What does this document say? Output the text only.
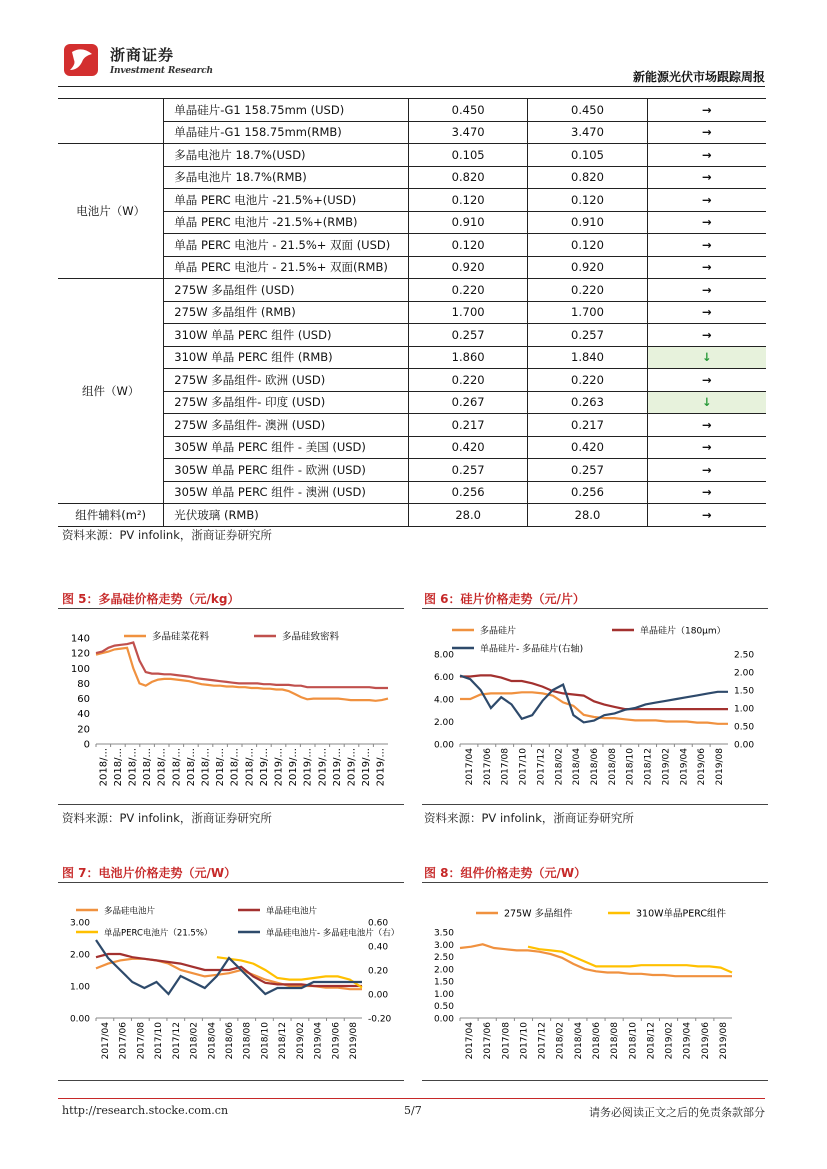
浙商证券
Investment Research	新能源光伏市场跟踪周报
	单晶硅片-G1 158.75mm (USD)	0.450	0.450	→
	单晶硅片-G1 158.75mm(RMB)	3.470	3.470	→
电池片（W）	多晶电池片 18.7%(USD)	0.105	0.105	→
	多晶电池片 18.7%(RMB)	0.820	0.820	→
	单晶 PERC 电池片 -21.5%+(USD)	0.120	0.120	→
	单晶 PERC 电池片 -21.5%+(RMB)	0.910	0.910	→
	单晶 PERC 电池片 - 21.5%+ 双面 (USD)	0.120	0.120	→
	单晶 PERC 电池片 - 21.5%+ 双面(RMB)	0.920	0.920	→
组件（W）	275W 多晶组件 (USD)	0.220	0.220	→
	275W 多晶组件 (RMB)	1.700	1.700	→
	310W 单晶 PERC 组件 (USD)	0.257	0.257	→
	310W 单晶 PERC 组件 (RMB)	1.860	1.840	↓
	275W 多晶组件- 欧洲 (USD)	0.220	0.220	→
	275W 多晶组件- 印度 (USD)	0.267	0.263	↓
	275W 多晶组件- 澳洲 (USD)	0.217	0.217	→
	305W 单晶 PERC 组件 - 美国 (USD)	0.420	0.420	→
	305W 单晶 PERC 组件 - 欧洲 (USD)	0.257	0.257	→
	305W 单晶 PERC 组件 - 澳洲 (USD)	0.256	0.256	→
组件辅料(m²)	光伏玻璃 (RMB)	28.0	28.0	→
资料来源：PV infolink，浙商证券研究所
图 5：多晶硅价格走势（元/kg）	图 6：硅片价格走势（元/片）
140
120
100
80
60
40
20
0
2018/... 2018/... 2018/... 2018/... 2018/... 2018/... 2018/... 2018/... 2018/... 2018/... 2018/... 2019/... 2019/... 2019/... 2019/... 2019/... 2019/... 2019/... 2019/... 2019/...
多晶硅菜花料	多晶硅致密料
8.00
6.00
4.00
2.00
0.00
2.50
2.00
1.50
1.00
0.50
0.00
2017/04 2017/06 2017/08 2017/10 2017/12 2018/02 2018/04 2018/06 2018/08 2018/10 2018/12 2019/02 2019/04 2019/06 2019/08
多晶硅片	单晶硅片（180μm）
单晶硅片- 多晶硅片(右轴)
资料来源：PV infolink，浙商证券研究所	资料来源：PV infolink，浙商证券研究所
图 7：电池片价格走势（元/W）	图 8：组件价格走势（元/W）
3.00
2.00
1.00
0.00
0.60
0.40
0.20
0.00
-0.20
2017/04 2017/06 2017/08 2017/10 2017/12 2018/02 2018/04 2018/06 2018/08 2018/10 2018/12 2019/02 2019/04 2019/06 2019/08
多晶硅电池片	单晶硅电池片
单晶PERC电池片（21.5%）	单晶硅电池片- 多晶硅电池片（右）	3.50
3.00
2.50
2.00
1.50
1.00
0.50
0.00
2017/04 2017/06 2017/08 2017/10 2017/12 2018/02 2018/04 2018/06 2018/08 2018/10 2018/12 2019/02 2019/04 2019/06 2019/08
275W 多晶组件	310W单晶PERC组件
http://research.stocke.com.cn	5/7	请务必阅读正文之后的免责条款部分
